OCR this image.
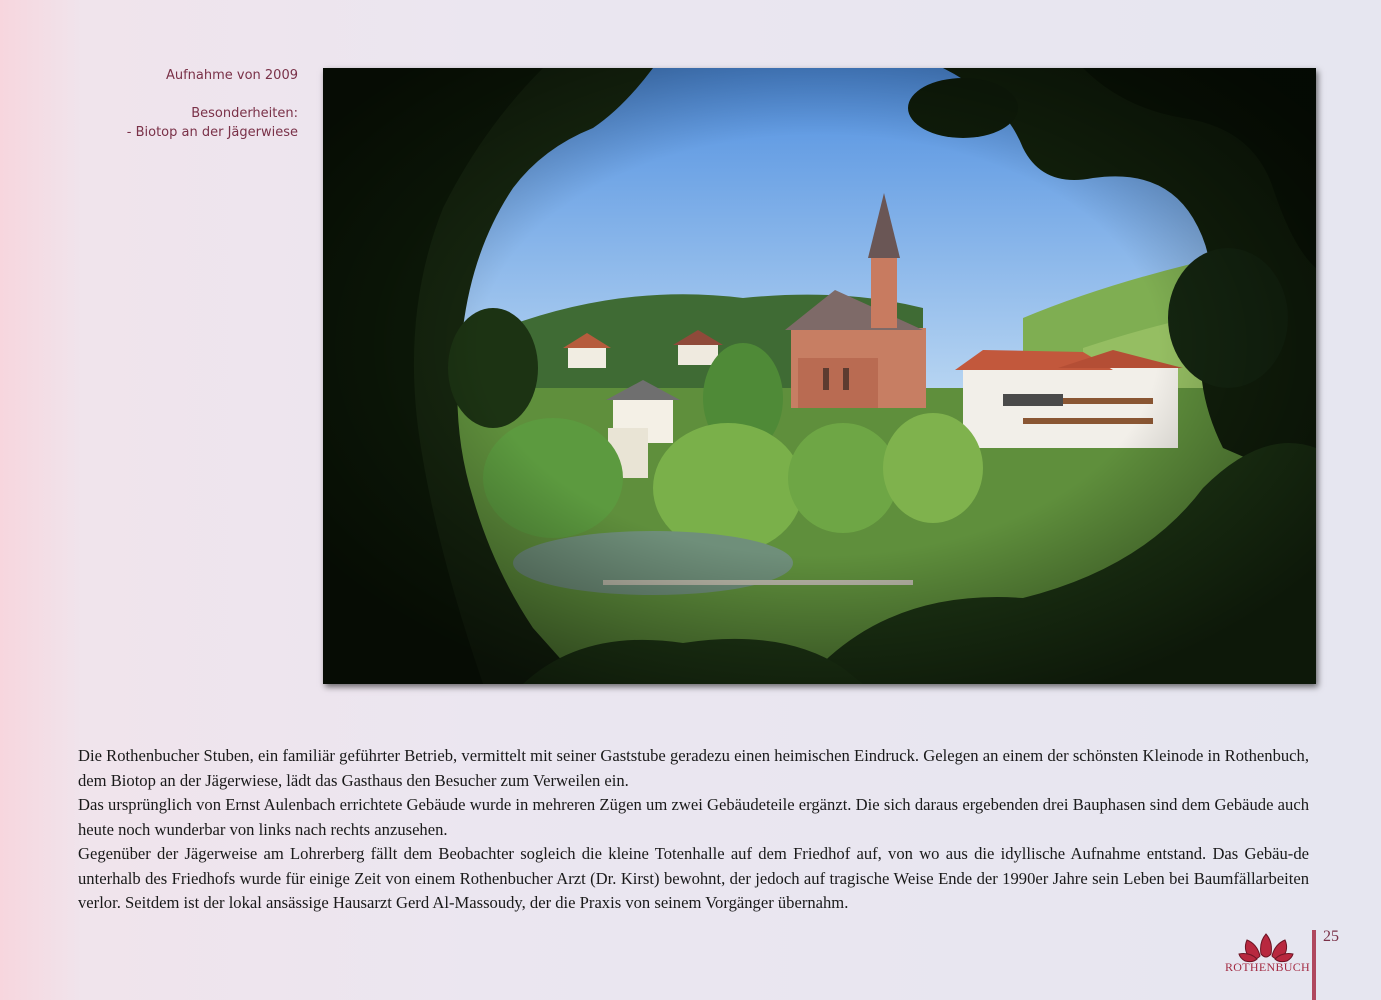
Aufnahme von 2009
Besonderheiten:
- Biotop an der Jägerwiese

Die Rothenbucher Stuben, ein familiär geführter Betrieb, vermittelt mit seiner Gaststube geradezu einen heimischen Eindruck. Gelegen an einem der schönsten Kleinode in Rothenbuch, dem Biotop an der Jägerwiese, lädt das Gasthaus den Besucher zum Verweilen ein.

Das ursprünglich von Ernst Aulenbach errichtete Gebäude wurde in mehreren Zügen um zwei Gebäudeteile ergänzt. Die sich daraus ergebenden drei Bauphasen sind dem Gebäude auch heute noch wunderbar von links nach rechts anzusehen.

Gegenüber der Jägerweise am Lohrerberg fällt dem Beobachter sogleich die kleine Totenhalle auf dem Friedhof auf, von wo aus die idyllische Aufnahme entstand. Das Gebäu-de unterhalb des Friedhofs wurde für einige Zeit von einem Rothenbucher Arzt (Dr. Kirst) bewohnt, der jedoch auf tragische Weise Ende der 1990er Jahre sein Leben bei Baumfällarbeiten verlor. Seitdem ist der lokal ansässige Hausarzt Gerd Al-Massoudy, der die Praxis von seinem Vorgänger übernahm.

ROTHENBUCH
25
